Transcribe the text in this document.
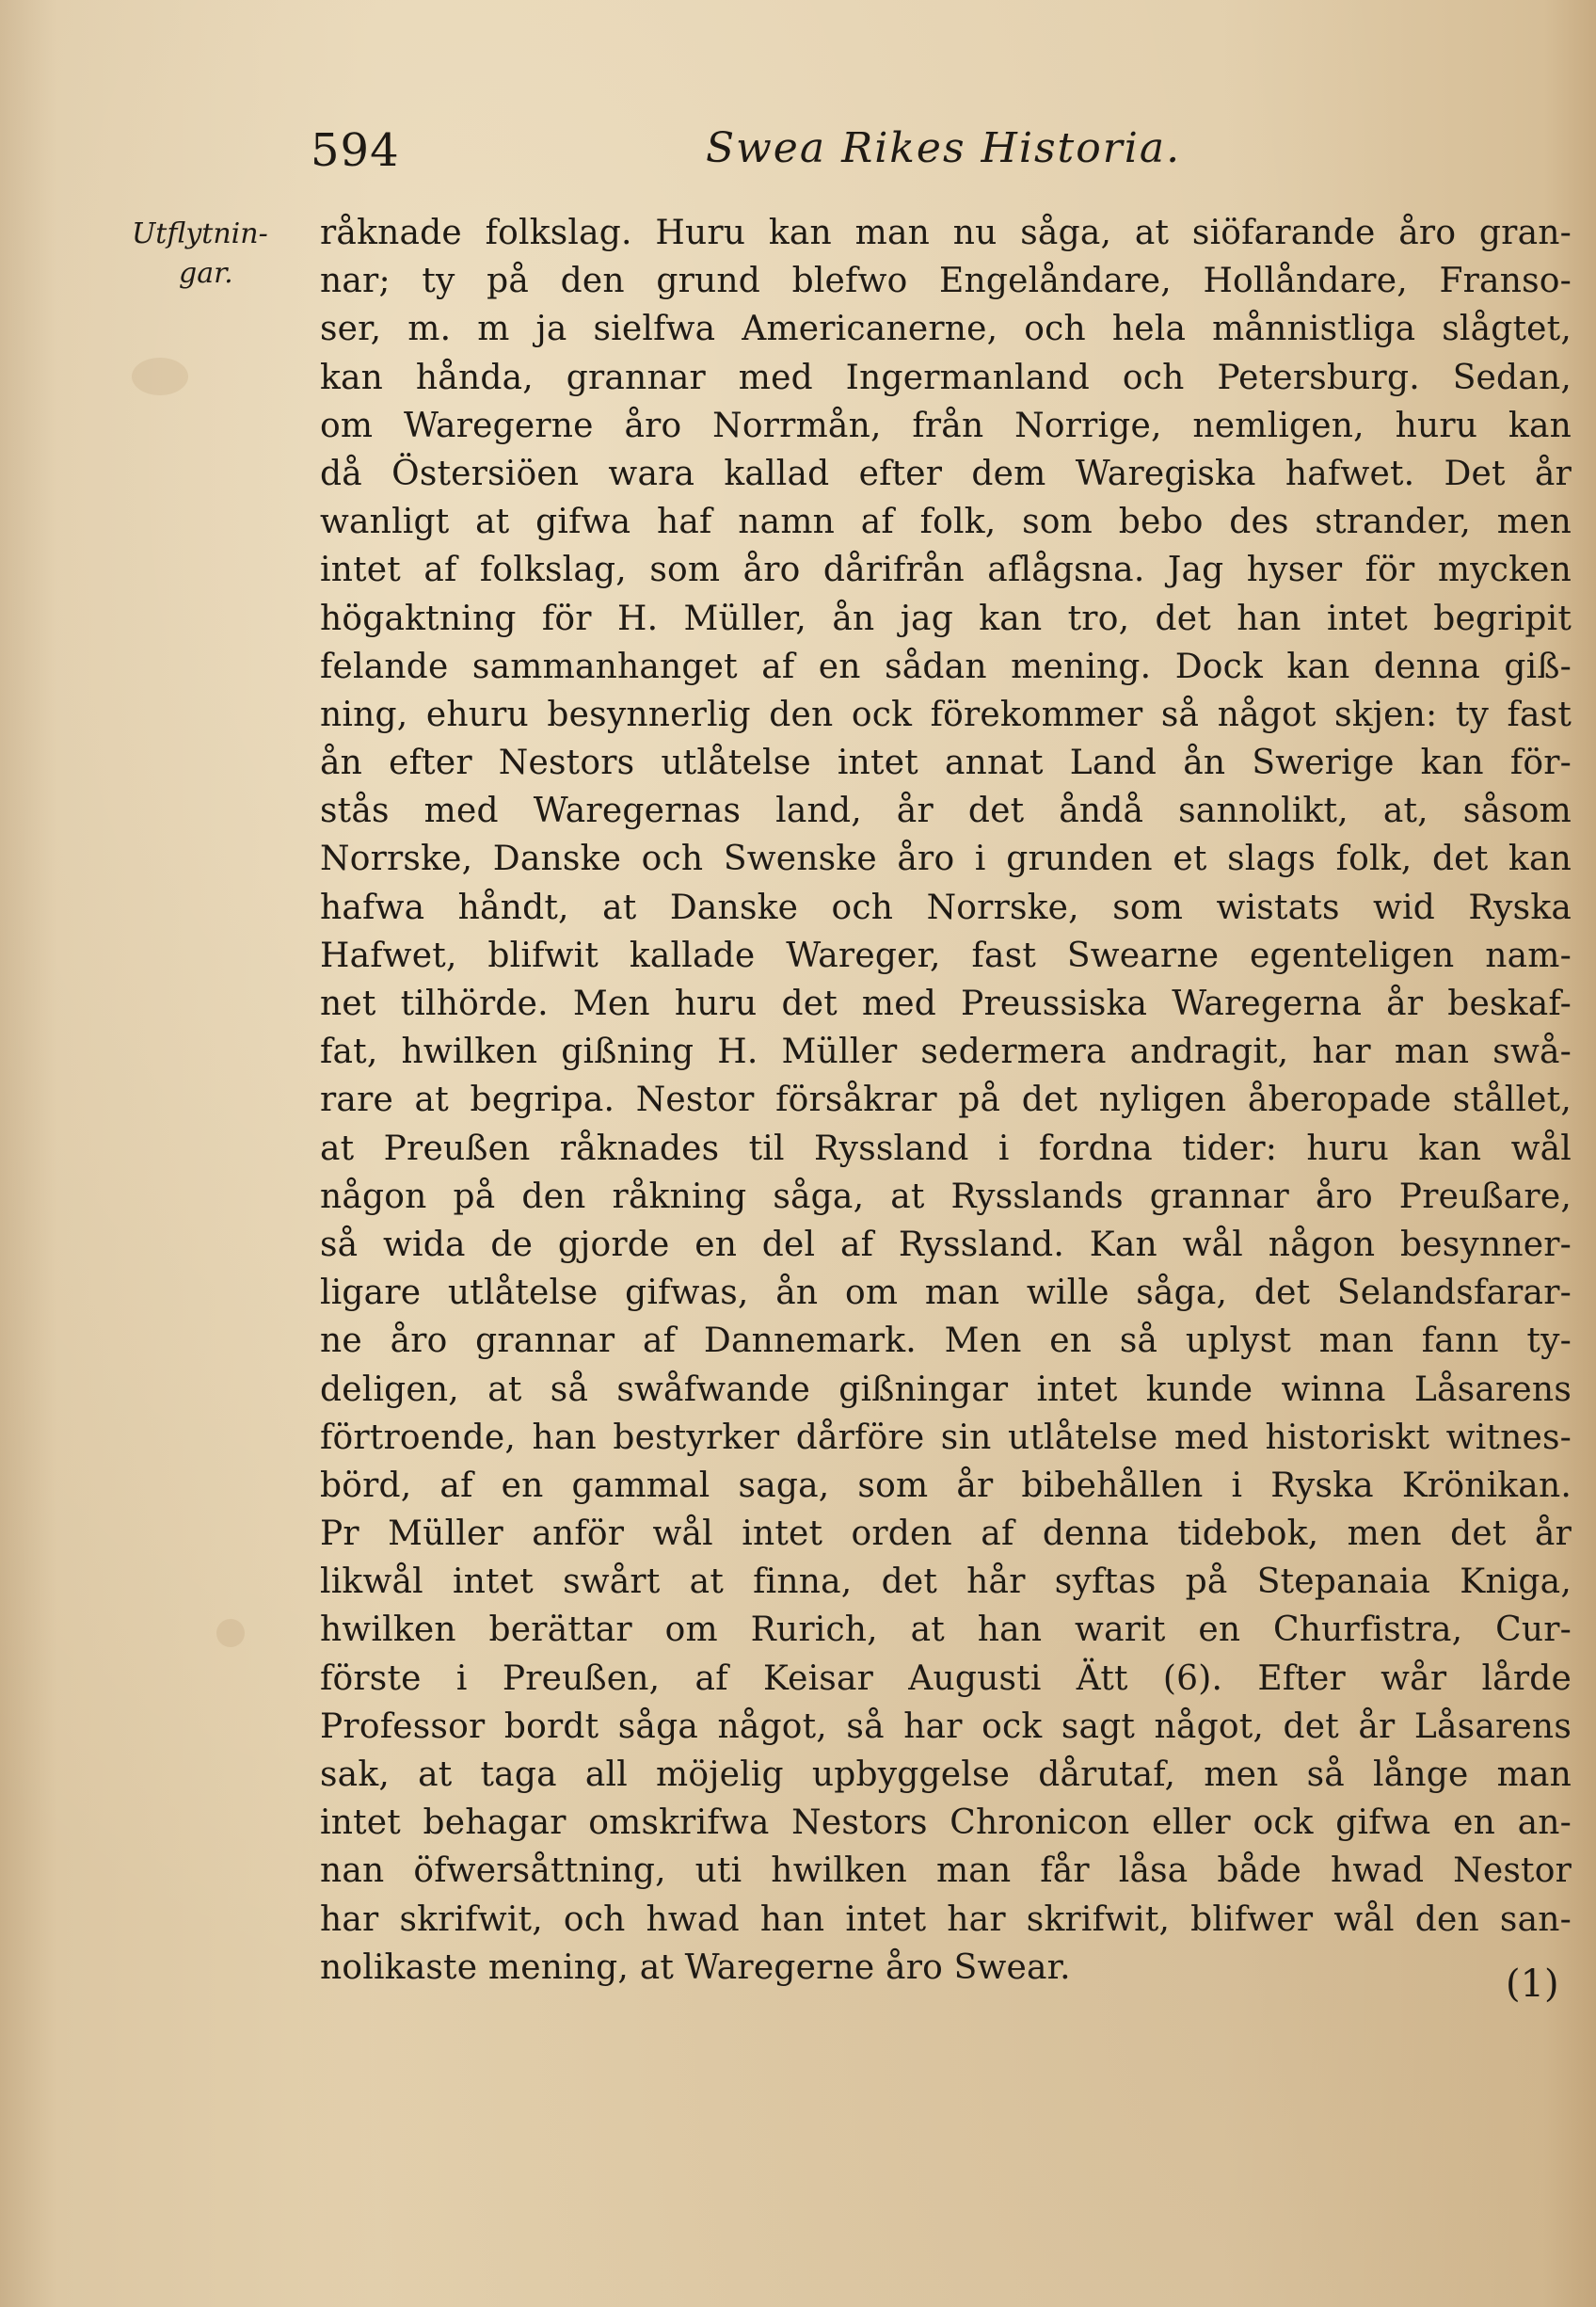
594	Swea Rikes Historia.
Utflytnin-
gar.
råknade folkslag. Huru kan man nu såga, at siöfarande åro gran-
nar; ty på den grund blefwo Engelåndare, Hollåndare, Franso-
ser, m. m ja sielfwa Americanerne, och hela månnistliga slågtet,
kan hånda, grannar med Ingermanland och Petersburg. Sedan,
om Waregerne åro Norrmån, från Norrige, nemligen, huru kan
då Östersiöen wara kallad efter dem Waregiska hafwet. Det år
wanligt at gifwa haf namn af folk, som bebo des strander, men
intet af folkslag, som åro dårifrån aflågsna. Jag hyser för mycken
högaktning för H. Müller, ån jag kan tro, det han intet begripit
felande sammanhanget af en sådan mening. Dock kan denna giß-
ning, ehuru besynnerlig den ock förekommer så något skjen: ty fast
ån efter Nestors utlåtelse intet annat Land ån Swerige kan för-
stås med Waregernas land, år det åndå sannolikt, at, såsom
Norrske, Danske och Swenske åro i grunden et slags folk, det kan
hafwa håndt, at Danske och Norrske, som wistats wid Ryska
Hafwet, blifwit kallade Wareger, fast Swearne egenteligen nam-
net tilhörde. Men huru det med Preussiska Waregerna år beskaf-
fat, hwilken gißning H. Müller sedermera andragit, har man swå-
rare at begripa. Nestor försåkrar på det nyligen åberopade stållet,
at Preußen råknades til Ryssland i fordna tider: huru kan wål
någon på den råkning såga, at Rysslands grannar åro Preußare,
så wida de gjorde en del af Ryssland. Kan wål någon besynner-
ligare utlåtelse gifwas, ån om man wille såga, det Selandsfarar-
ne åro grannar af Dannemark. Men en så uplyst man fann ty-
deligen, at så swåfwande gißningar intet kunde winna Låsarens
förtroende, han bestyrker dårföre sin utlåtelse med historiskt witnes-
börd, af en gammal saga, som år bibehållen i Ryska Krönikan.
Pr Müller anför wål intet orden af denna tidebok, men det år
likwål intet swårt at finna, det hår syftas på Stepanaia Kniga,
hwilken berättar om Rurich, at han warit en Churfistra, Cur-
förste i Preußen, af Keisar Augusti Ätt (6). Efter wår lårde
Professor bordt såga något, så har ock sagt något, det år Låsarens
sak, at taga all möjelig upbyggelse dårutaf, men så långe man
intet behagar omskrifwa Nestors Chronicon eller ock gifwa en an-
nan öfwersåttning, uti hwilken man får låsa både hwad Nestor
har skrifwit, och hwad han intet har skrifwit, blifwer wål den san-
nolikaste mening, at Waregerne åro Swear.	(1)
